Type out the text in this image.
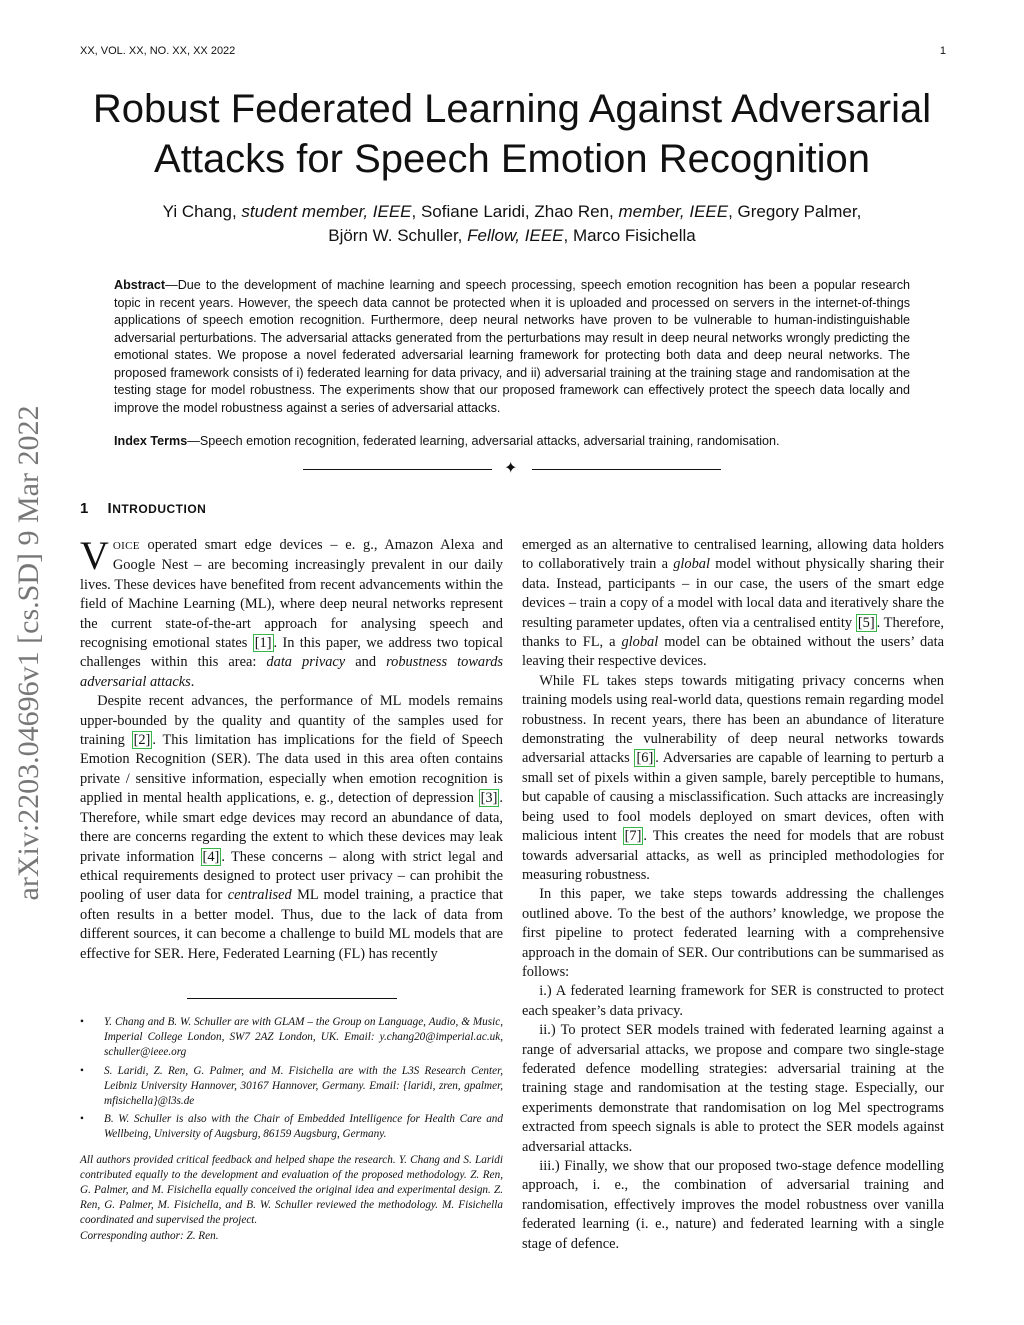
XX, VOL. XX, NO. XX, XX 2022	1
arXiv:2203.04696v1 [cs.SD] 9 Mar 2022
Robust Federated Learning Against Adversarial
Attacks for Speech Emotion Recognition
Yi Chang, student member, IEEE, Sofiane Laridi, Zhao Ren, member, IEEE, Gregory Palmer,
Björn W. Schuller, Fellow, IEEE, Marco Fisichella
Abstract—Due to the development of machine learning and speech processing, speech emotion recognition has been a popular research topic in recent years. However, the speech data cannot be protected when it is uploaded and processed on servers in the internet-of-things applications of speech emotion recognition. Furthermore, deep neural networks have proven to be vulnerable to human-indistinguishable adversarial perturbations. The adversarial attacks generated from the perturbations may result in deep neural networks wrongly predicting the emotional states. We propose a novel federated adversarial learning framework for protecting both data and deep neural networks. The proposed framework consists of i) federated learning for data privacy, and ii) adversarial training at the training stage and randomisation at the testing stage for model robustness. The experiments show that our proposed framework can effectively protect the speech data locally and improve the model robustness against a series of adversarial attacks.
Index Terms—Speech emotion recognition, federated learning, adversarial attacks, adversarial training, randomisation.
✦
1 INTRODUCTION

VOICE operated smart edge devices – e. g., Amazon Alexa and Google Nest – are becoming increasingly prevalent in our daily lives. These devices have benefited from recent advancements within the field of Machine Learning (ML), where deep neural networks represent the current state-of-the-art approach for analysing speech and recognising emotional states [1] . In this paper, we address two topical challenges within this area: data privacy and robustness towards adversarial attacks.

Despite recent advances, the performance of ML models remains upper-bounded by the quality and quantity of the samples used for training [2] . This limitation has implications for the field of Speech Emotion Recognition (SER). The data used in this area often contains private / sensitive information, especially when emotion recognition is applied in mental health applications, e. g., detection of depression [3] . Therefore, while smart edge devices may record an abundance of data, there are concerns regarding the extent to which these devices may leak private information [4] . These concerns – along with strict legal and ethical requirements designed to protect user privacy – can prohibit the pooling of user data for centralised ML model training, a practice that often results in a better model. Thus, due to the lack of data from different sources, it can become a challenge to build ML models that are effective for SER. Here, Federated Learning (FL) has recently

• Y. Chang and B. W. Schuller are with GLAM – the Group on Language, Audio, & Music, Imperial College London, SW7 2AZ London, UK. Email: y.chang20@imperial.ac.uk, schuller@ieee.org
• S. Laridi, Z. Ren, G. Palmer, and M. Fisichella are with the L3S Research Center, Leibniz University Hannover, 30167 Hannover, Germany. Email: {laridi, zren, gpalmer, mfisichella}@l3s.de
• B. W. Schuller is also with the Chair of Embedded Intelligence for Health Care and Wellbeing, University of Augsburg, 86159 Augsburg, Germany.
All authors provided critical feedback and helped shape the research. Y. Chang and S. Laridi contributed equally to the development and evaluation of the proposed methodology. Z. Ren, G. Palmer, and M. Fisichella equally conceived the original idea and experimental design. Z. Ren, G. Palmer, M. Fisichella, and B. W. Schuller reviewed the methodology. M. Fisichella coordinated and supervised the project.
Corresponding author: Z. Ren.

emerged as an alternative to centralised learning, allowing data holders to collaboratively train a global model without physically sharing their data. Instead, participants – in our case, the users of the smart edge devices – train a copy of a model with local data and iteratively share the resulting parameter updates, often via a centralised entity [5] . Therefore, thanks to FL, a global model can be obtained without the users’ data leaving their respective devices.

While FL takes steps towards mitigating privacy concerns when training models using real-world data, questions remain regarding model robustness. In recent years, there has been an abundance of literature demonstrating the vulnerability of deep neural networks towards adversarial attacks [6] . Adversaries are capable of learning to perturb a small set of pixels within a given sample, barely perceptible to humans, but capable of causing a misclassification. Such attacks are increasingly being used to fool models deployed on smart devices, often with malicious intent [7] . This creates the need for models that are robust towards adversarial attacks, as well as principled methodologies for measuring robustness.

In this paper, we take steps towards addressing the challenges outlined above. To the best of the authors’ knowledge, we propose the first pipeline to protect federated learning with a comprehensive approach in the domain of SER. Our contributions can be summarised as follows:

i.) A federated learning framework for SER is constructed to protect each speaker’s data privacy.

ii.) To protect SER models trained with federated learning against a range of adversarial attacks, we propose and compare two single-stage federated defence modelling strategies: adversarial training at the training stage and randomisation at the testing stage. Especially, our experiments demonstrate that randomisation on log Mel spectrograms extracted from speech signals is able to protect the SER models against adversarial attacks.

iii.) Finally, we show that our proposed two-stage defence modelling approach, i. e., the combination of adversarial training and randomisation, effectively improves the model robustness over vanilla federated learning (i. e., nature) and federated learning with a single stage of defence.
